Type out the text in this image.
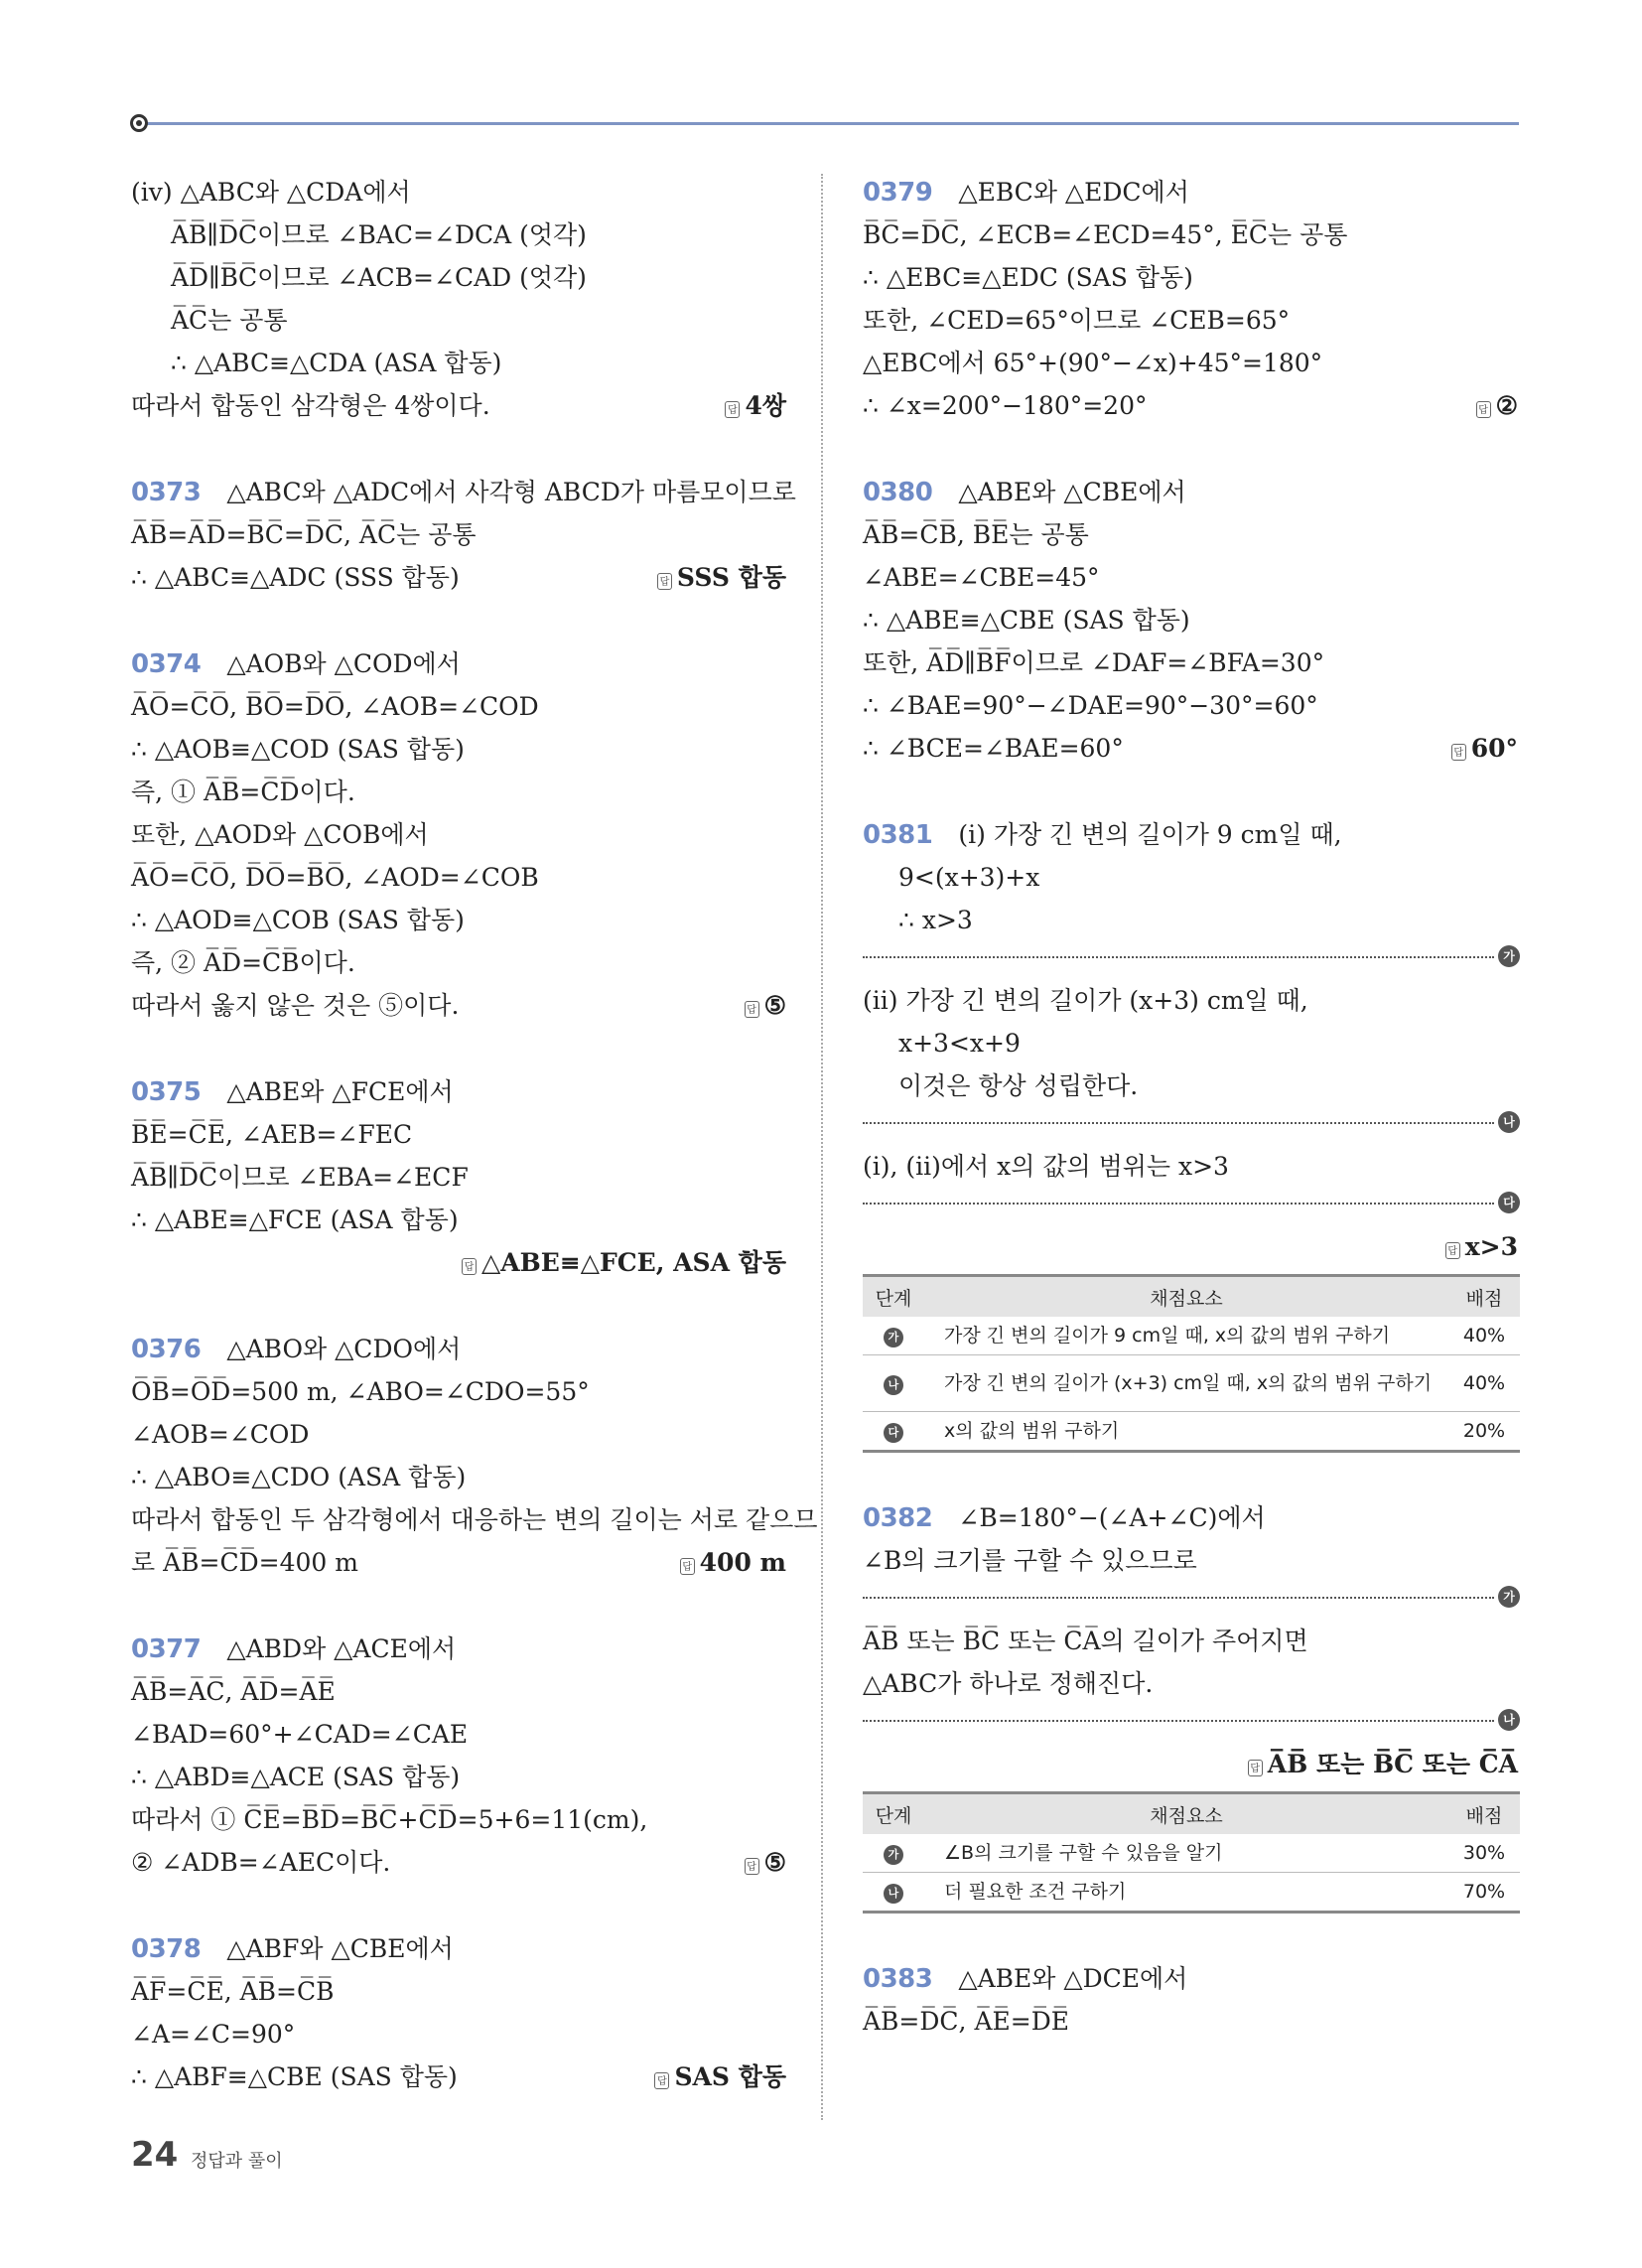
(ⅳ) △ABC와 △CDA에서
A̅B̅∥D̅C̅이므로 ∠BAC=∠DCA (엇각)
A̅D̅∥B̅C̅이므로 ∠ACB=∠CAD (엇각)
A̅C̅는 공통
∴ △ABC≡△CDA (ASA 합동)
따라서 합동인 삼각형은 4쌍이다.	답 4쌍
0373 △ABC와 △ADC에서 사각형 ABCD가 마름모이므로
A̅B̅=A̅D̅=B̅C̅=D̅C̅, A̅C̅는 공통
∴ △ABC≡△ADC (SSS 합동)	답 SSS 합동
0374 △AOB와 △COD에서
A̅O̅=C̅O̅, B̅O̅=D̅O̅, ∠AOB=∠COD
∴ △AOB≡△COD (SAS 합동)
즉, ① A̅B̅=C̅D̅이다.
또한, △AOD와 △COB에서
A̅O̅=C̅O̅, D̅O̅=B̅O̅, ∠AOD=∠COB
∴ △AOD≡△COB (SAS 합동)
즉, ② A̅D̅=C̅B̅이다.
따라서 옳지 않은 것은 ⑤이다.	답 ⑤
0375 △ABE와 △FCE에서
B̅E̅=C̅E̅, ∠AEB=∠FEC
A̅B̅∥D̅C̅이므로 ∠EBA=∠ECF
∴ △ABE≡△FCE (ASA 합동)
답 △ABE≡△FCE, ASA 합동
0376 △ABO와 △CDO에서
O̅B̅=O̅D̅=500 m, ∠ABO=∠CDO=55°
∠AOB=∠COD
∴ △ABO≡△CDO (ASA 합동)
따라서 합동인 두 삼각형에서 대응하는 변의 길이는 서로 같으므
로 A̅B̅=C̅D̅=400 m	답 400 m
0377 △ABD와 △ACE에서
A̅B̅=A̅C̅, A̅D̅=A̅E̅
∠BAD=60°+∠CAD=∠CAE
∴ △ABD≡△ACE (SAS 합동)
따라서 ① C̅E̅=B̅D̅=B̅C̅+C̅D̅=5+6=11(cm),
② ∠ADB=∠AEC이다.	답 ⑤
0378 △ABF와 △CBE에서
A̅F̅=C̅E̅, A̅B̅=C̅B̅
∠A=∠C=90°
∴ △ABF≡△CBE (SAS 합동)	답 SAS 합동
0379 △EBC와 △EDC에서
B̅C̅=D̅C̅, ∠ECB=∠ECD=45°, E̅C̅는 공통
∴ △EBC≡△EDC (SAS 합동)
또한, ∠CED=65°이므로 ∠CEB=65°
△EBC에서 65°+(90°−∠x)+45°=180°
∴ ∠x=200°−180°=20°	답 ②
0380 △ABE와 △CBE에서
A̅B̅=C̅B̅, B̅E̅는 공통
∠ABE=∠CBE=45°
∴ △ABE≡△CBE (SAS 합동)
또한, A̅D̅∥B̅F̅이므로 ∠DAF=∠BFA=30°
∴ ∠BAE=90°−∠DAE=90°−30°=60°
∴ ∠BCE=∠BAE=60°	답 60°
0381 (ⅰ) 가장 긴 변의 길이가 9 cm일 때,
9<(x+3)+x
∴ x>3
가
(ⅱ) 가장 긴 변의 길이가 (x+3) cm일 때,
x+3<x+9
이것은 항상 성립한다.
나
(ⅰ), (ⅱ)에서 x의 값의 범위는 x>3
다
답 x>3
단계	채점요소	배점
가	가장 긴 변의 길이가 9 cm일 때, x의 값의 범위 구하기	40%
나	가장 긴 변의 길이가 (x+3) cm일 때, x의 값의 범위 구하기	40%
다	x의 값의 범위 구하기	20%
0382 ∠B=180°−(∠A+∠C)에서
∠B의 크기를 구할 수 있으므로
가
A̅B̅ 또는 B̅C̅ 또는 C̅A̅의 길이가 주어지면
△ABC가 하나로 정해진다.
나
답 A̅B̅ 또는 B̅C̅ 또는 C̅A̅
단계	채점요소	배점
가	∠B의 크기를 구할 수 있음을 알기	30%
나	더 필요한 조건 구하기	70%
0383 △ABE와 △DCE에서
A̅B̅=D̅C̅, A̅E̅=D̅E̅
24 정답과 풀이
